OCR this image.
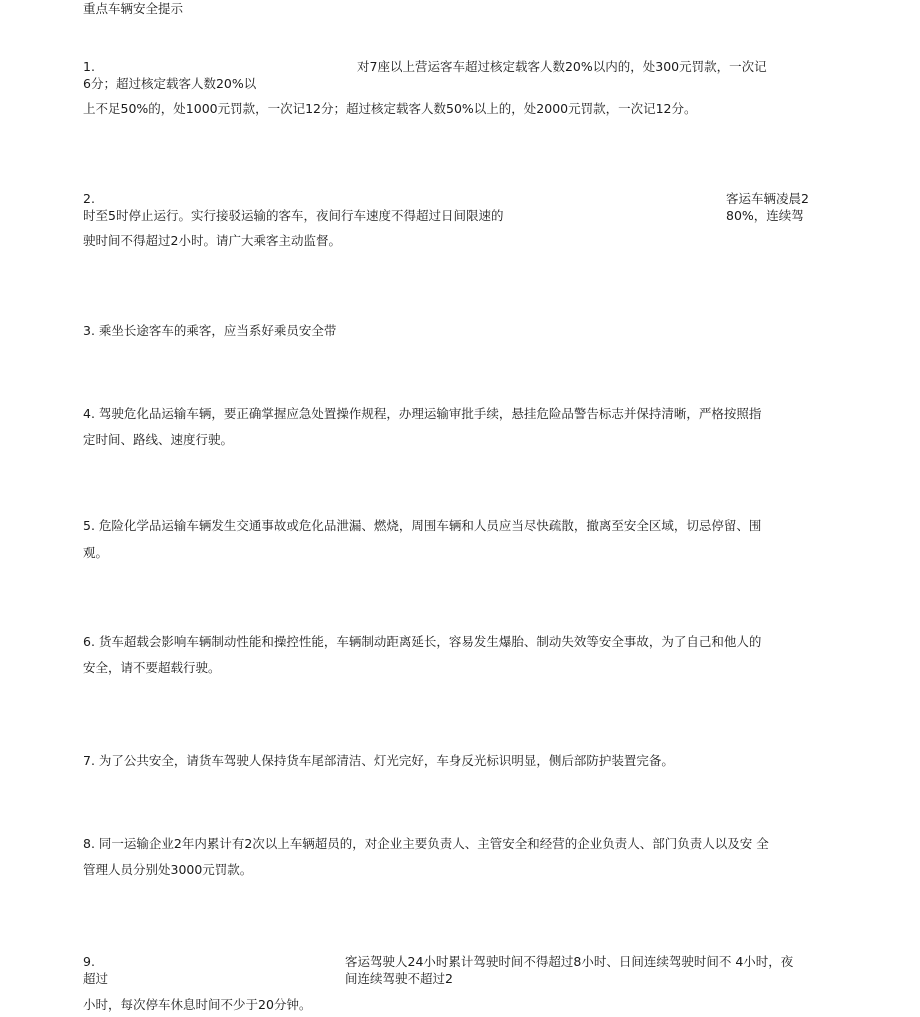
重点车辆安全提示
1.	对7座以上营运客车超过核定载客人数20%以内的，处300元罚款，一次记
6分；超过核定载客人数20%以
上不足50%的，处1000元罚款，一次记12分；超过核定载客人数50%以上的，处2000元罚款，一次记12分。
2.	客运车辆凌晨2
时至5时停止运行。实行接驳运输的客车，夜间行车速度不得超过日间限速的	80%，连续驾
驶时间不得超过2小时。请广大乘客主动监督。
3. 乘坐长途客车的乘客，应当系好乘员安全带
4. 驾驶危化品运输车辆，要正确掌握应急处置操作规程，办理运输审批手续，悬挂危险品警告标志并保持清晰，严格按照指
定时间、路线、速度行驶。
5. 危险化学品运输车辆发生交通事故或危化品泄漏、燃烧，周围车辆和人员应当尽快疏散，撤离至安全区域，切忌停留、围
观。
6. 货车超载会影响车辆制动性能和操控性能，车辆制动距离延长，容易发生爆胎、制动失效等安全事故，为了自己和他人的
安全，请不要超载行驶。
7. 为了公共安全，请货车驾驶人保持货车尾部清洁、灯光完好，车身反光标识明显，侧后部防护装置完备。
8. 同一运输企业2年内累计有2次以上车辆超员的，对企业主要负责人、主管安全和经营的企业负责人、部门负责人以及安 全
管理人员分别处3000元罚款。
9.	客运驾驶人24小时累计驾驶时间不得超过8小时、日间连续驾驶时间不 4小时，夜
超过	间连续驾驶不超过2
小时，每次停车休息时间不少于20分钟。
